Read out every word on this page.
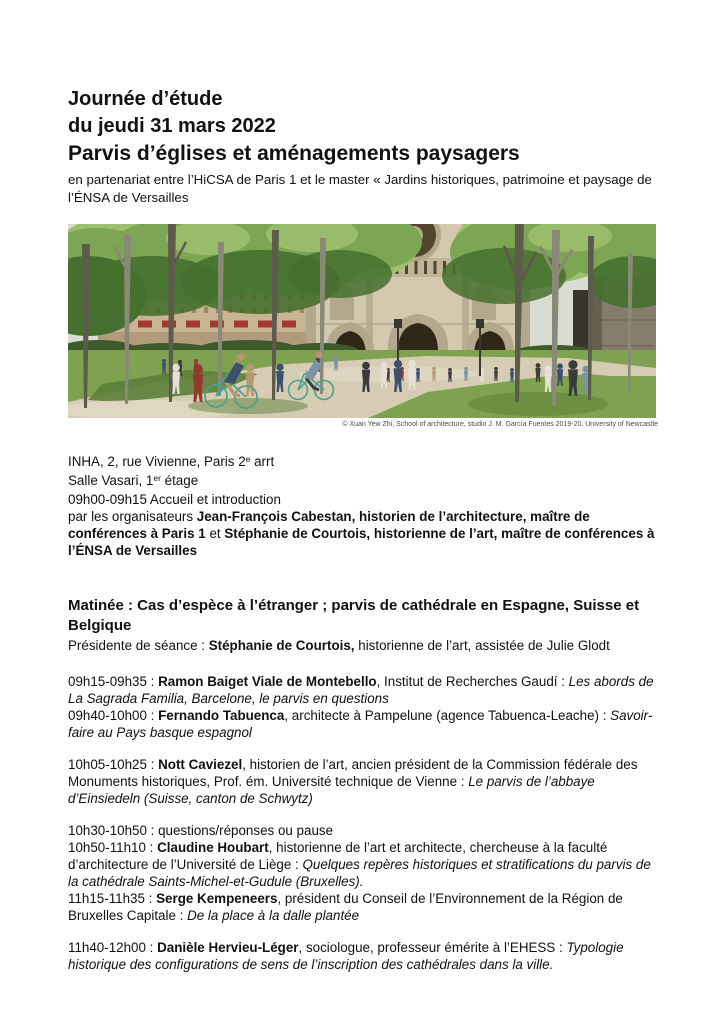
Journée d’étude
du jeudi 31 mars 2022
Parvis d’églises et aménagements paysagers

en partenariat entre l’HiCSA de Paris 1 et le master « Jardins historiques, patrimoine et paysage de l’ÉNSA de Versailles

© Xuan Yew Zhi, School of architecture, studio J. M. García Fuentes 2019-20, University of Newcastle

INHA, 2, rue Vivienne, Paris 2e arrt

Salle Vasari, 1er étage

09h00-09h15 Accueil et introduction

par les organisateurs Jean-François Cabestan, historien de l’architecture, maître de conférences à Paris 1 et Stéphanie de Courtois, historienne de l’art, maître de conférences à l’ÉNSA de Versailles

Matinée : Cas d’espèce à l’étranger ; parvis de cathédrale en Espagne, Suisse et Belgique

Présidente de séance : Stéphanie de Courtois, historienne de l’art, assistée de Julie Glodt

09h15-09h35 : Ramon Baiget Viale de Montebello, Institut de Recherches Gaudí : Les abords de La Sagrada Familia, Barcelone, le parvis en questions

09h40-10h00 : Fernando Tabuenca, architecte à Pampelune (agence Tabuenca-Leache) : Savoir-faire au Pays basque espagnol

10h05-10h25 : Nott Caviezel, historien de l’art, ancien président de la Commission fédérale des Monuments historiques, Prof. ém. Université technique de Vienne : Le parvis de l’abbaye d’Einsiedeln (Suisse, canton de Schwytz)

10h30-10h50 : questions/réponses ou pause

10h50-11h10 : Claudine Houbart, historienne de l’art et architecte, chercheuse à la faculté d’architecture de l’Université de Liège : Quelques repères historiques et stratifications du parvis de la cathédrale Saints-Michel-et-Gudule (Bruxelles).

11h15-11h35 : Serge Kempeneers, président du Conseil de l’Environnement de la Région de Bruxelles Capitale : De la place à la dalle plantée

11h40-12h00 : Danièle Hervieu-Léger, sociologue, professeur émérite à l’EHESS : Typologie historique des configurations de sens de l’inscription des cathédrales dans la ville.
